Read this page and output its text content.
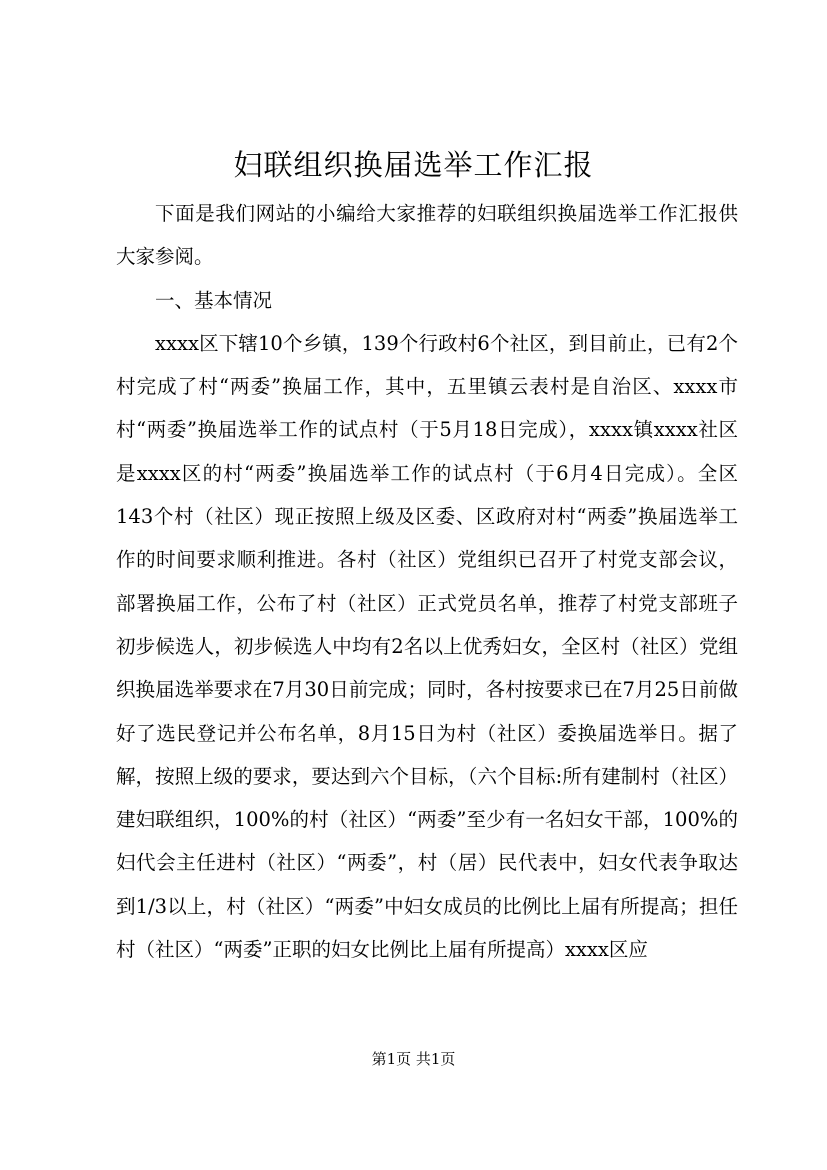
妇联组织换届选举工作汇报

下面是我们网站的小编给大家推荐的妇联组织换届选举工作汇报供大家参阅。

一、基本情况

xxxx区下辖10个乡镇，139个行政村6个社区，到目前止，已有2个村完成了村“两委”换届工作，其中，五里镇云表村是自治区、xxxx市村“两委”换届选举工作的试点村（于5月18日完成），xxxx镇xxxx社区是xxxx区的村“两委”换届选举工作的试点村（于6月4日完成）。全区143个村（社区）现正按照上级及区委、区政府对村“两委”换届选举工作的时间要求顺利推进。各村（社区）党组织已召开了村党支部会议，部署换届工作，公布了村（社区）正式党员名单，推荐了村党支部班子初步候选人，初步候选人中均有2名以上优秀妇女，全区村（社区）党组织换届选举要求在7月30日前完成；同时，各村按要求已在7月25日前做好了选民登记并公布名单，8月15日为村（社区）委换届选举日。据了解，按照上级的要求，要达到六个目标，（六个目标:所有建制村（社区）建妇联组织，100%的村（社区）“两委”至少有一名妇女干部，100%的妇代会主任进村（社区）“两委”，村（居）民代表中，妇女代表争取达到1/3以上，村（社区）“两委”中妇女成员的比例比上届有所提高；担任村（社区）“两委”正职的妇女比例比上届有所提高）xxxx区应

第1页 共1页
